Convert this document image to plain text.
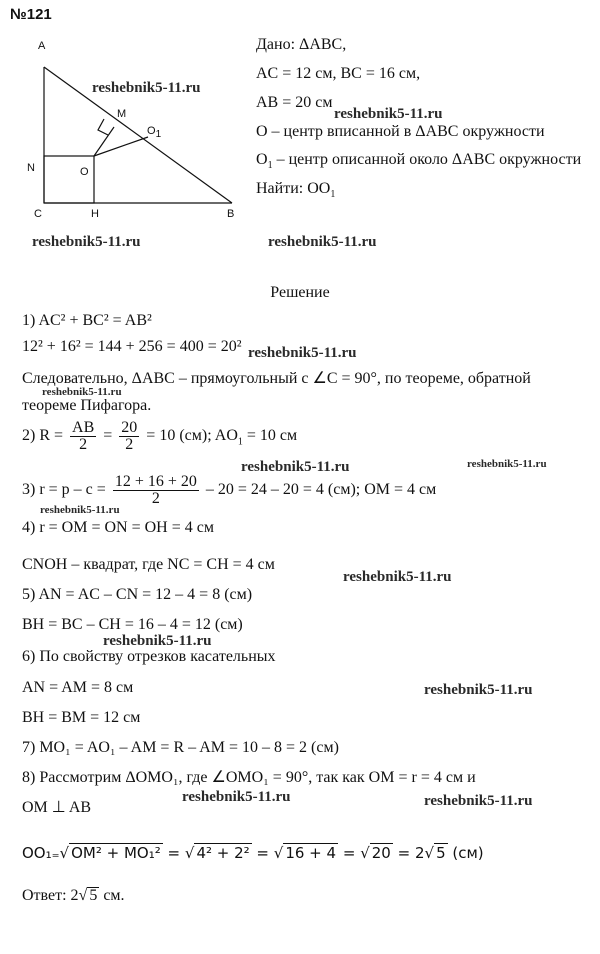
№121
A
B
C
N	O
M
$O_1$
H
Дано: ΔABC,
AC = 12 см, BC = 16 см,
AB = 20 см
O – центр вписанной в ΔABC окружности
$O_1$ – центр описанной около ΔABC окружности
Найти: $OO_1$
reshebnik5-11.ru
reshebnik5-11.ru
reshebnik5-11.ru	reshebnik5-11.ru
reshebnik5-11.ru
reshebnik5-11.ru
reshebnik5-11.ru	reshebnik5-11.ru
reshebnik5-11.ru
reshebnik5-11.ru
reshebnik5-11.ru
reshebnik5-11.ru
reshebnik5-11.ru	reshebnik5-11.ru
Решение
1) AC² + BC² = AB²
12² + 16² = 144 + 256 = 400 = 20²
Следовательно, ΔABC – прямоугольный с ∠C = 90°, по теореме, обратной
теореме Пифагора.
2) $R = \frac{AB}{2} = \frac{20}{2} = 10$ (см); $AO_1 = 10$ см
3) $r = p - c = \frac{12 + 16 + 20}{2} - 20 = 24 - 20 = 4$ (см); OM = 4 см
4) r = OM = ON = OH = 4 см
CNOH – квадрат, где NC = CH = 4 см
5) AN = AC – CN = 12 – 4 = 8 (см)
BH = BC – CH = 16 – 4 = 12 (см)
6) По свойству отрезков касательных
AN = AM = 8 см
BH = BM = 12 см
7) MO₁ = AO₁ – AM = R – AM = 10 – 8 = 2 (см)
8) Рассмотрим ΔOMO₁, где ∠OMO₁ = 90°, так как OM = r = 4 см и
OM ⊥ AB
OO₁₌√ OM² + MO₁² = √ 4² + 2² = √ 16 + 4 = √ 20 = 2√ 5 (см)
Ответ: 2√ 5 см.
